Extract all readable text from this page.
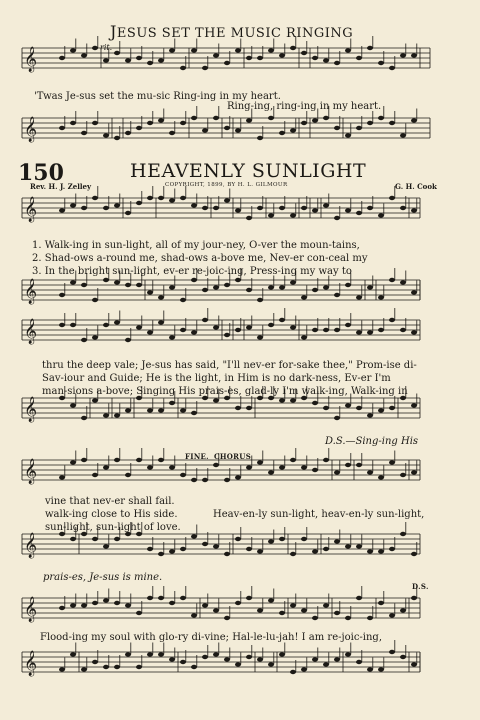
𝄞
𝄞
𝄞
𝄞
𝄞
𝄞
𝄞
𝄞
𝄞
𝄞
JESUS SET THE MUSIC RINGING
rit.
'Twas Je-sus set the mu-sic Ring-ing in my heart.
Ring-ing, ring-ing in my heart.
150	HEAVENLY SUNLIGHT
Rev. H. J. Zelley	COPYRIGHT, 1899, BY H. L. GILMOUR	G. H. Cook
1. Walk-ing in sun-light, all of my jour-ney, O-ver the moun-tains,
2. Shad-ows a-round me, shad-ows a-bove me, Nev-er con-ceal my
3. In the bright sun-light, ev-er re-joic-ing, Press-ing my way to
thru the deep vale; Je-sus has said, "I'll nev-er for-sake thee," Prom-ise di-
Sav-iour and Guide; He is the light, in Him is no dark-ness, Ev-er I'm
man-sions a-bove; Singing His prais-es, glad-ly I'm walk-ing, Walk-ing in
D.S.—Sing-ing His
FINE. CHORUS
vine that nev-er shall fail.
walk-ing close to His side.
sun-light, sun-light of love.
Heav-en-ly sun-light, heav-en-ly sun-light,
prais-es, Je-sus is mine.
D.S.
Flood-ing my soul with glo-ry di-vine; Hal-le-lu-jah! I am re-joic-ing,
